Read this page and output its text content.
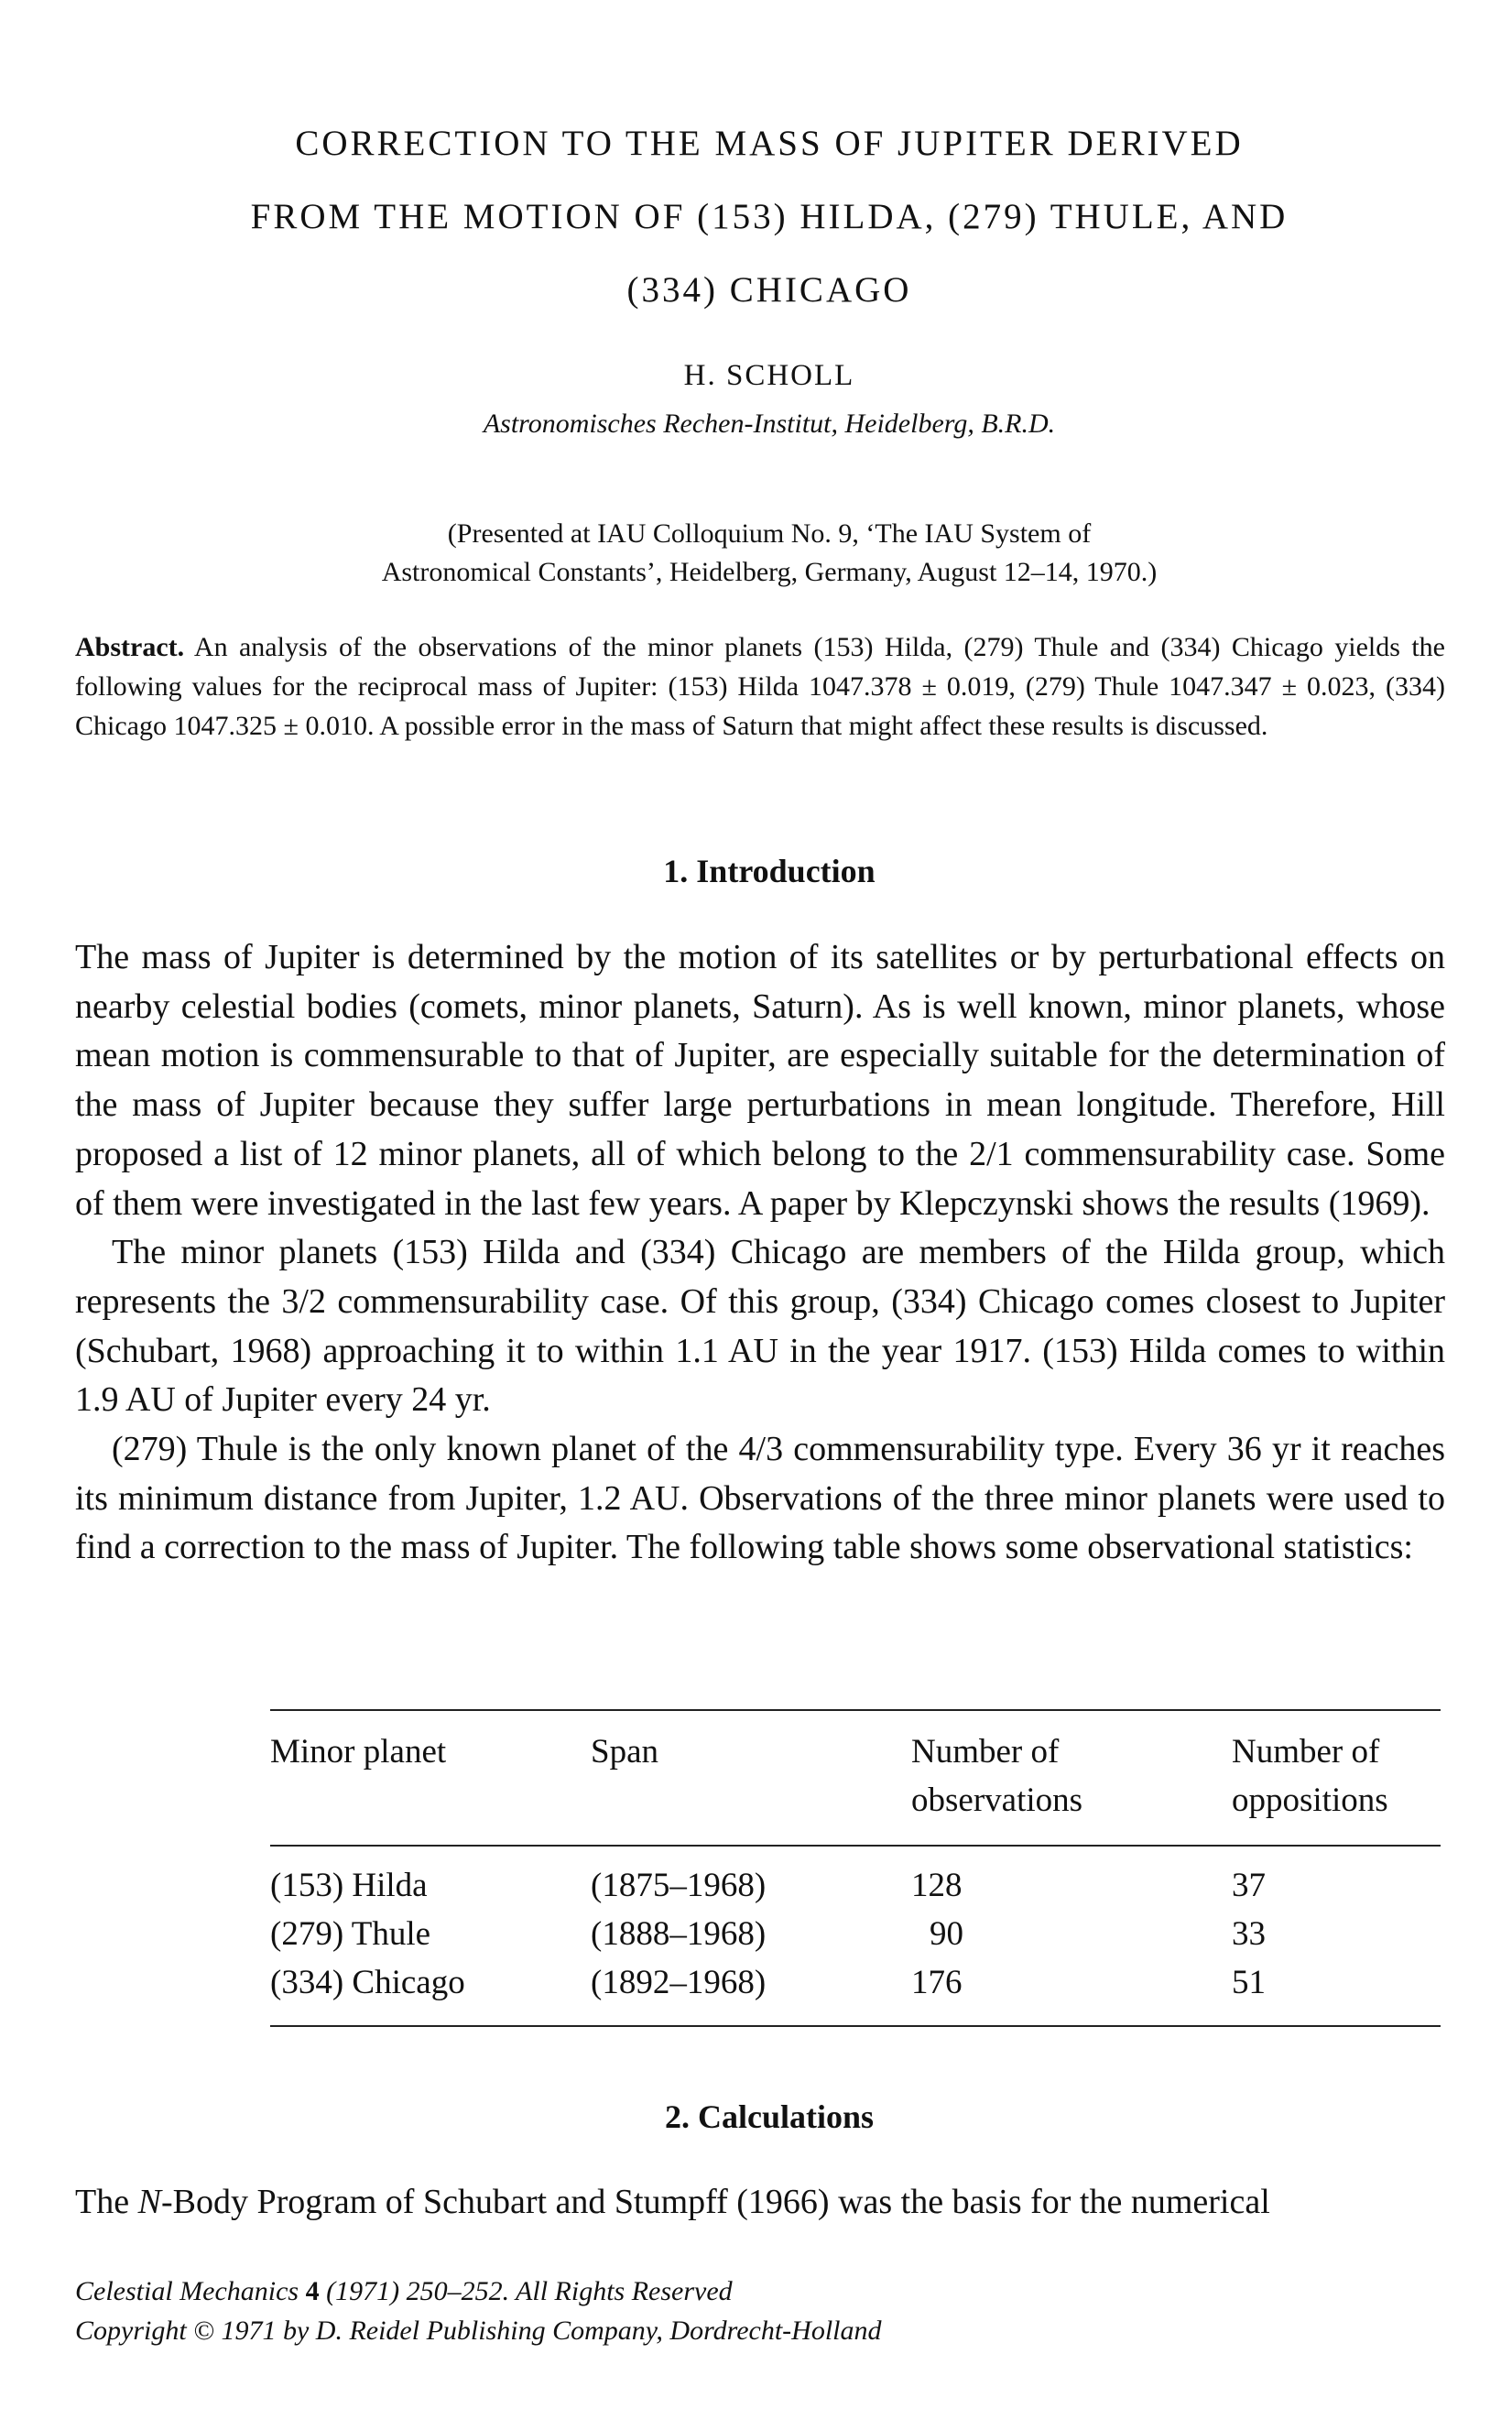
CORRECTION TO THE MASS OF JUPITER DERIVED
FROM THE MOTION OF (153) HILDA, (279) THULE, AND
(334) CHICAGO
H. SCHOLL
Astronomisches Rechen-Institut, Heidelberg, B.R.D.
(Presented at IAU Colloquium No. 9, ‘The IAU System of
Astronomical Constants’, Heidelberg, Germany, August 12–14, 1970.)
Abstract. An analysis of the observations of the minor planets (153) Hilda, (279) Thule and (334) Chicago yields the following values for the reciprocal mass of Jupiter: (153) Hilda 1047.378 ± 0.019, (279) Thule 1047.347 ± 0.023, (334) Chicago 1047.325 ± 0.010. A possible error in the mass of Saturn that might affect these results is discussed.
1. Introduction

The mass of Jupiter is determined by the motion of its satellites or by perturbational effects on nearby celestial bodies (comets, minor planets, Saturn). As is well known, minor planets, whose mean motion is commensurable to that of Jupiter, are especially suitable for the determination of the mass of Jupiter because they suffer large perturbations in mean longitude. Therefore, Hill proposed a list of 12 minor planets, all of which belong to the 2/1 commensurability case. Some of them were investigated in the last few years. A paper by Klepczynski shows the results (1969).

The minor planets (153) Hilda and (334) Chicago are members of the Hilda group, which represents the 3/2 commensurability case. Of this group, (334) Chicago comes closest to Jupiter (Schubart, 1968) approaching it to within 1.1 AU in the year 1917. (153) Hilda comes to within 1.9 AU of Jupiter every 24 yr.

(279) Thule is the only known planet of the 4/3 commensurability type. Every 36 yr it reaches its minimum distance from Jupiter, 1.2 AU. Observations of the three minor planets were used to find a correction to the mass of Jupiter. The following table shows some observational statistics:

Minor planet	Span	Number of observations	Number of oppositions
(153) Hilda	(1875–1968)	128	37
(279) Thule	(1888–1968)	90	33
(334) Chicago	(1892–1968)	176	51
2. Calculations
The N-Body Program of Schubart and Stumpff (1966) was the basis for the numerical
Celestial Mechanics 4 (1971) 250–252. All Rights Reserved
Copyright © 1971 by D. Reidel Publishing Company, Dordrecht-Holland
